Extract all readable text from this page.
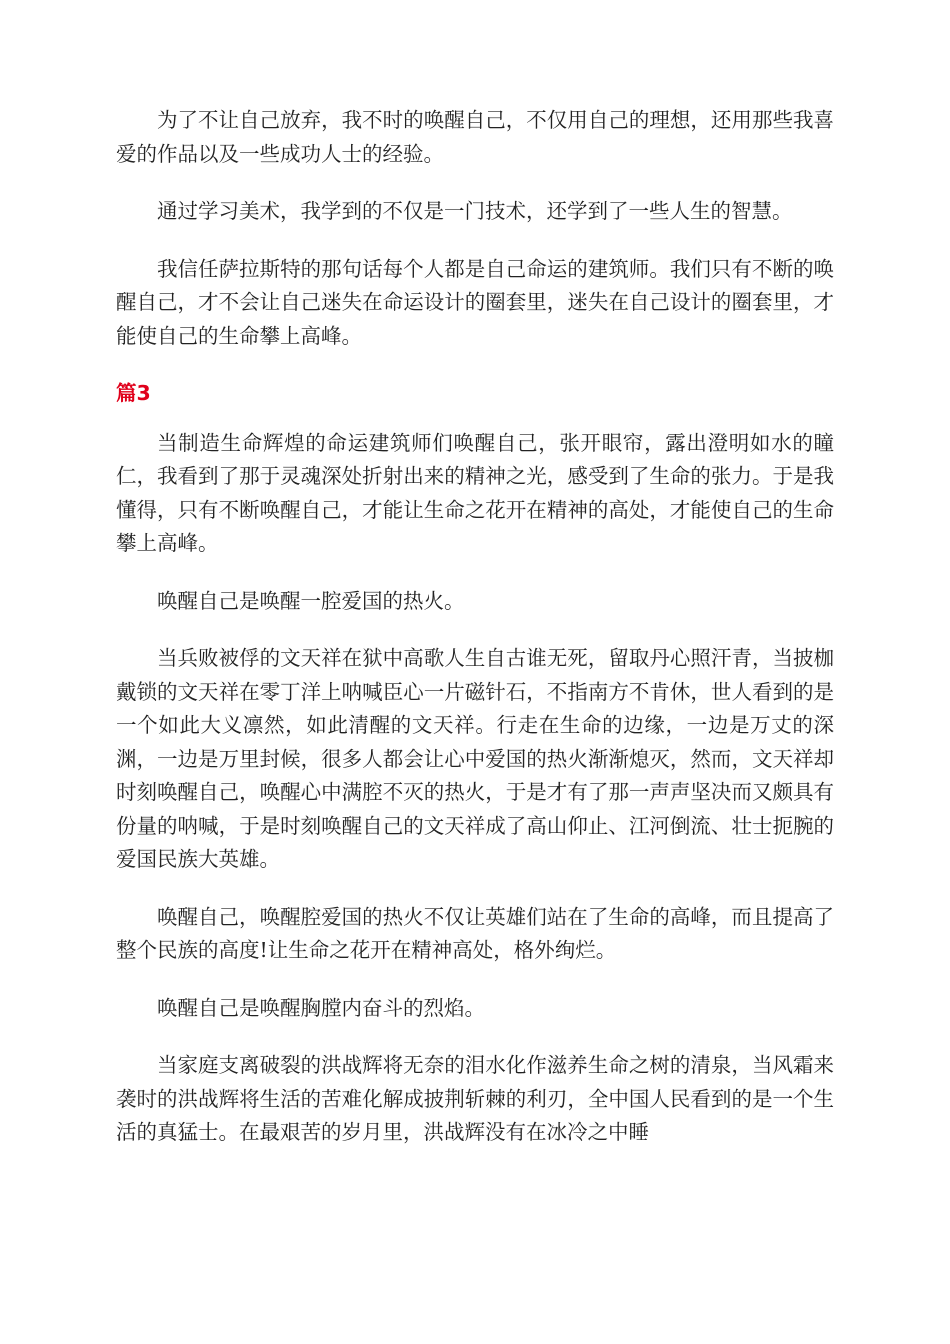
为了不让自己放弃，我不时的唤醒自己，不仅用自己的理想，还用那些我喜爱的作品以及一些成功人士的经验。

通过学习美术，我学到的不仅是一门技术，还学到了一些人生的智慧。

我信任萨拉斯特的那句话每个人都是自己命运的建筑师。我们只有不断的唤醒自己，才不会让自己迷失在命运设计的圈套里，迷失在自己设计的圈套里，才能使自己的生命攀上高峰。

篇3

当制造生命辉煌的命运建筑师们唤醒自己，张开眼帘，露出澄明如水的瞳仁，我看到了那于灵魂深处折射出来的精神之光，感受到了生命的张力。于是我懂得，只有不断唤醒自己，才能让生命之花开在精神的高处，才能使自己的生命攀上高峰。

唤醒自己是唤醒一腔爱国的热火。

当兵败被俘的文天祥在狱中高歌人生自古谁无死，留取丹心照汗青，当披枷戴锁的文天祥在零丁洋上呐喊臣心一片磁针石，不指南方不肯休，世人看到的是一个如此大义凛然，如此清醒的文天祥。行走在生命的边缘，一边是万丈的深渊，一边是万里封候，很多人都会让心中爱国的热火渐渐熄灭，然而，文天祥却时刻唤醒自己，唤醒心中满腔不灭的热火，于是才有了那一声声坚决而又颇具有份量的呐喊，于是时刻唤醒自己的文天祥成了高山仰止、江河倒流、壮士扼腕的爱国民族大英雄。

唤醒自己，唤醒腔爱国的热火不仅让英雄们站在了生命的高峰，而且提高了整个民族的高度!让生命之花开在精神高处，格外绚烂。

唤醒自己是唤醒胸膛内奋斗的烈焰。

当家庭支离破裂的洪战辉将无奈的泪水化作滋养生命之树的清泉，当风霜来袭时的洪战辉将生活的苦难化解成披荆斩棘的利刃，全中国人民看到的是一个生活的真猛士。在最艰苦的岁月里，洪战辉没有在冰冷之中睡
